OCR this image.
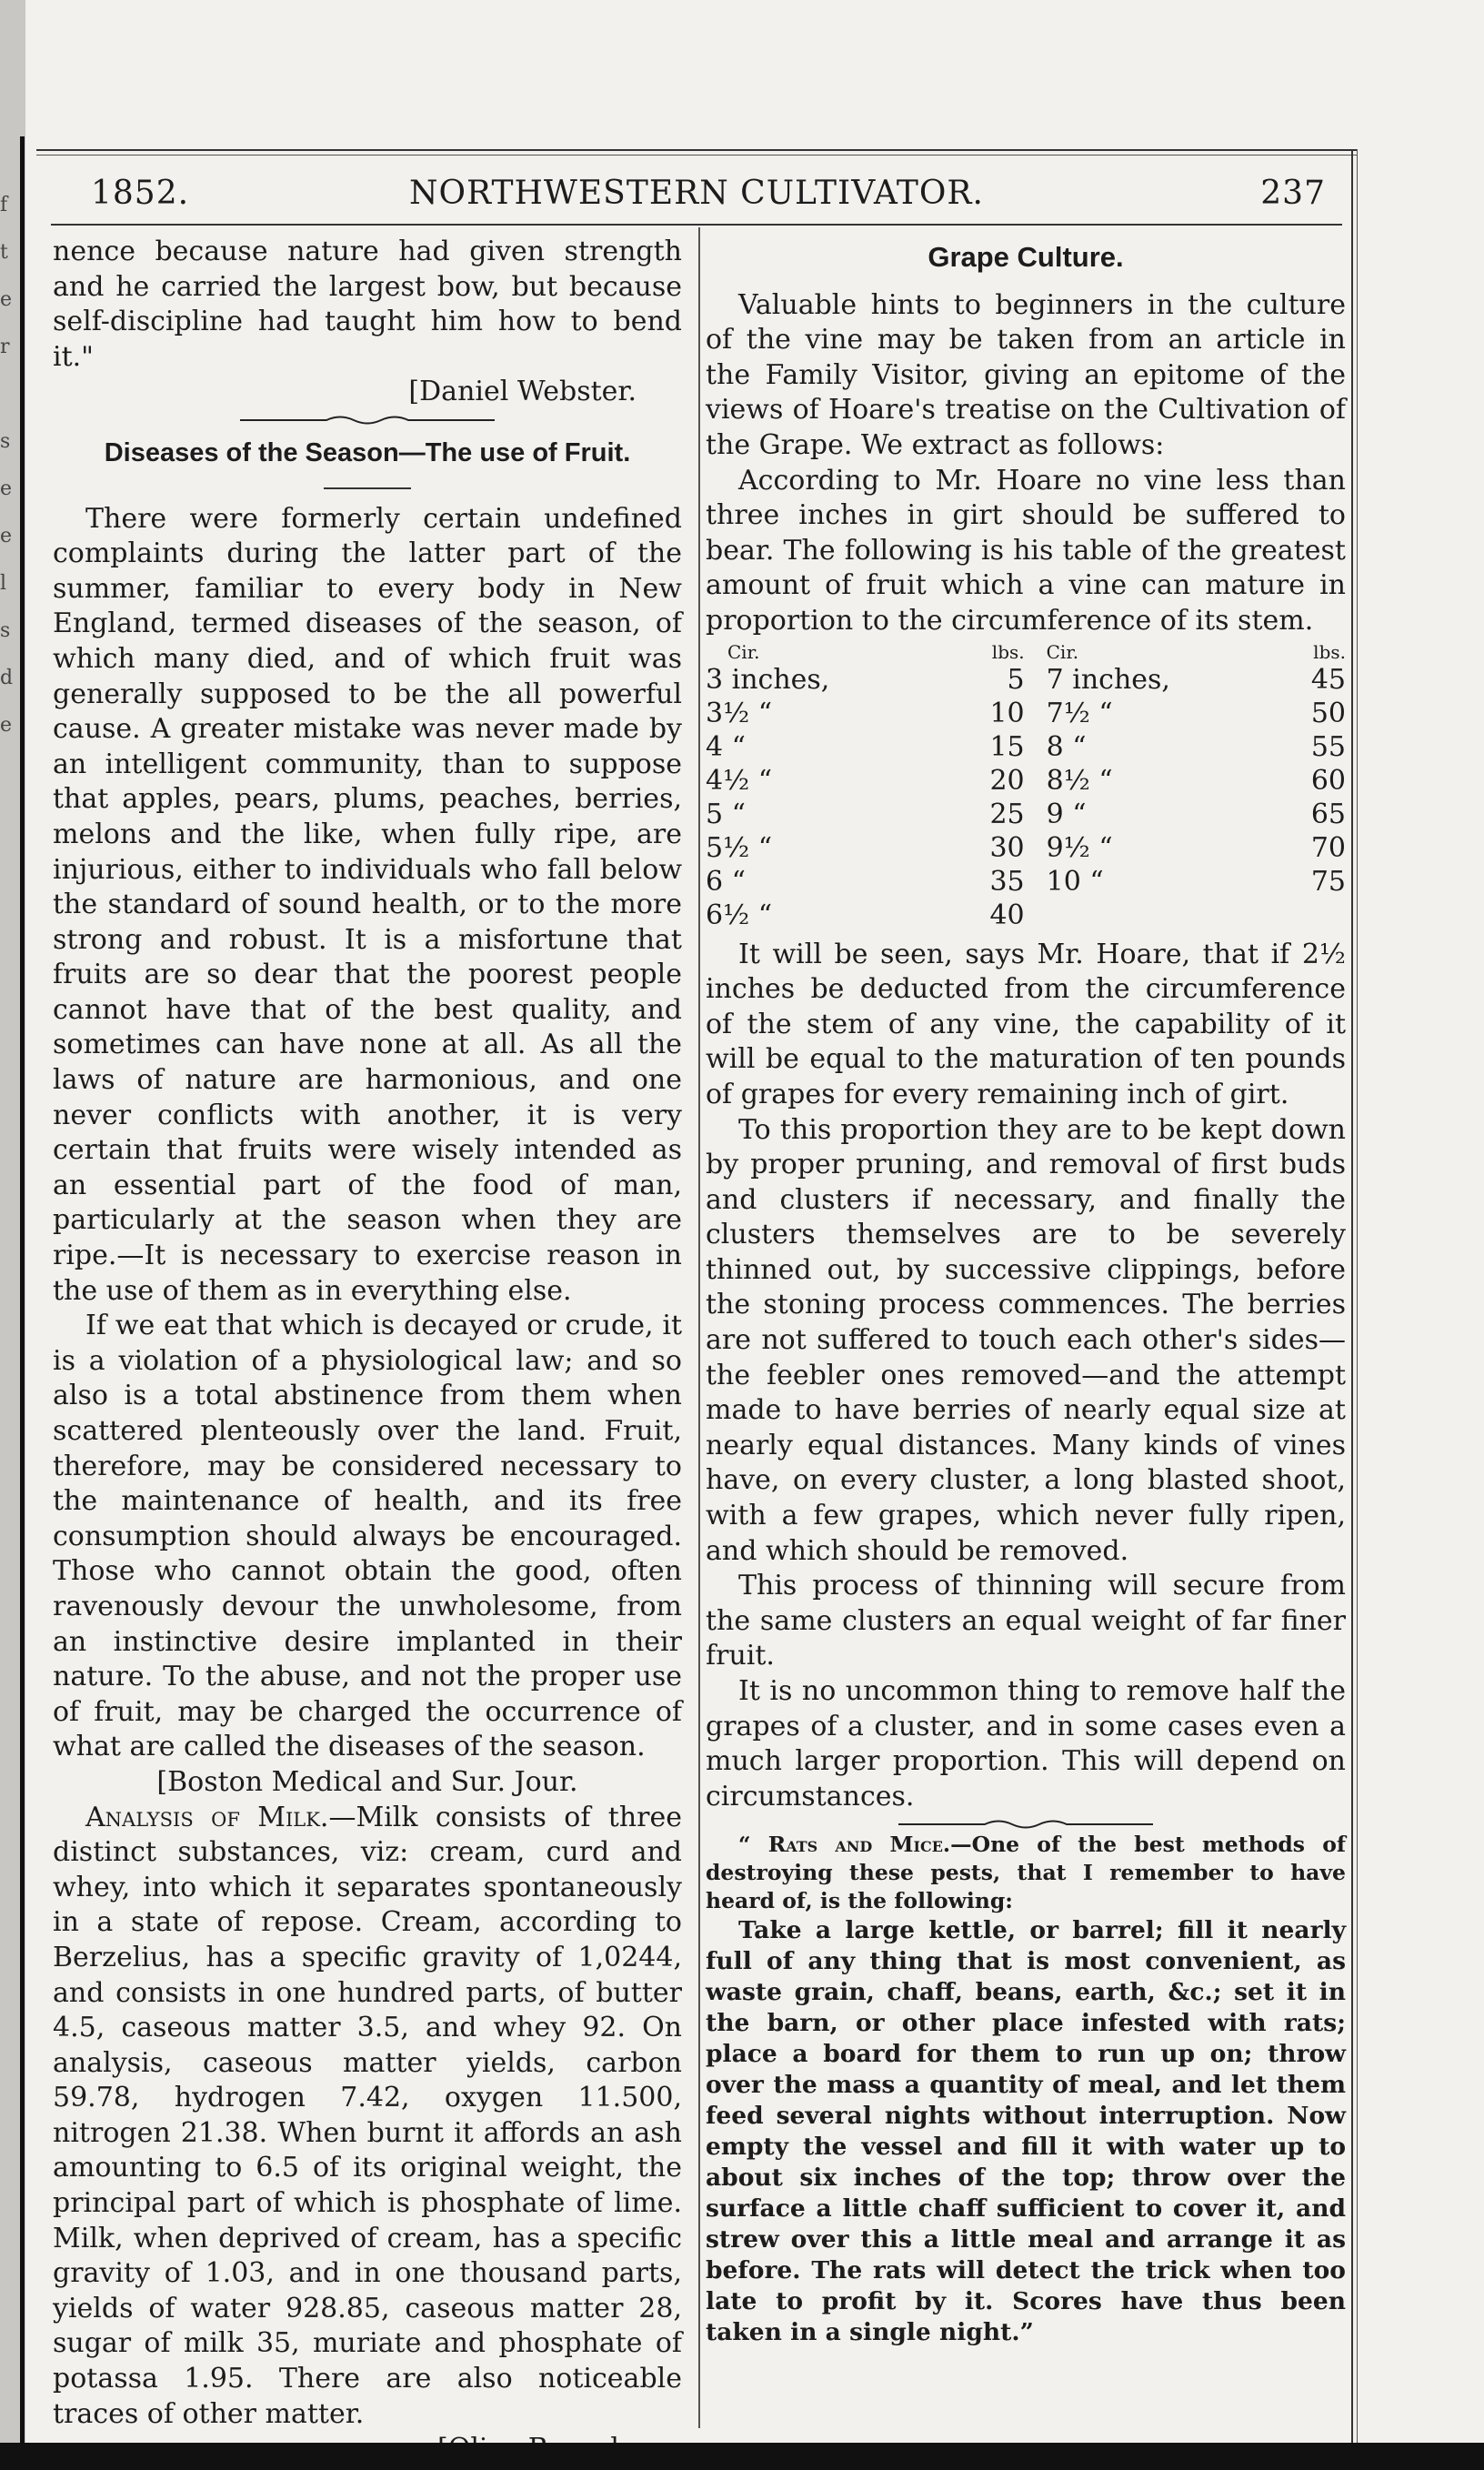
f
t
e
r

s
e
e
l
s
d
e
1852.	NORTHWESTERN CULTIVATOR.	237

nence because nature had given strength and he carried the largest bow, but because self-discipline had taught him how to bend it."

[Daniel Webster.

Diseases of the Season—The use of Fruit.

There were formerly certain undefined complaints during the latter part of the summer, familiar to every body in New England, termed diseases of the season, of which many died, and of which fruit was generally supposed to be the all powerful cause. A greater mistake was never made by an intelligent community, than to suppose that apples, pears, plums, peaches, berries, melons and the like, when fully ripe, are injurious, either to individuals who fall below the standard of sound health, or to the more strong and robust. It is a misfortune that fruits are so dear that the poorest people cannot have that of the best quality, and sometimes can have none at all. As all the laws of nature are harmonious, and one never conflicts with another, it is very certain that fruits were wisely intended as an essential part of the food of man, particularly at the season when they are ripe.—It is necessary to exercise reason in the use of them as in everything else.

If we eat that which is decayed or crude, it is a violation of a physiological law; and so also is a total abstinence from them when scattered plenteously over the land. Fruit, therefore, may be considered necessary to the maintenance of health, and its free consumption should always be encouraged. Those who cannot obtain the good, often ravenously devour the unwholesome, from an instinctive desire implanted in their nature. To the abuse, and not the proper use of fruit, may be charged the occurrence of what are called the diseases of the season.

[Boston Medical and Sur. Jour.

Analysis of Milk.—Milk consists of three distinct substances, viz: cream, curd and whey, into which it separates spontaneously in a state of repose. Cream, according to Berzelius, has a specific gravity of 1,0244, and consists in one hundred parts, of butter 4.5, caseous matter 3.5, and whey 92. On analysis, caseous matter yields, carbon 59.78, hydrogen 7.42, oxygen 11.500, nitrogen 21.38. When burnt it affords an ash amounting to 6.5 of its original weight, the principal part of which is phosphate of lime. Milk, when deprived of cream, has a specific gravity of 1.03, and in one thousand parts, yields of water 928.85, caseous matter 28, sugar of milk 35, muriate and phosphate of potassa 1.95. There are also noticeable traces of other matter.

Grape Culture.

Valuable hints to beginners in the culture of the vine may be taken from an article in the Family Visitor, giving an epitome of the views of Hoare's treatise on the Cultivation of the Grape. We extract as follows:

According to Mr. Hoare no vine less than three inches in girt should be suffered to bear. The following is his table of the greatest amount of fruit which a vine can mature in proportion to the circumference of its stem.

Cir.	lbs.	Cir.	lbs.
3 inches,	5	7 inches,	45
3½ “	10	7½ “	50
4 “	15	8 “	55
4½ “	20	8½ “	60
5 “	25	9 “	65
5½ “	30	9½ “	70
6 “	35	10 “	75
6½ “	40		

It will be seen, says Mr. Hoare, that if 2½ inches be deducted from the circumference of the stem of any vine, the capability of it will be equal to the maturation of ten pounds of grapes for every remaining inch of girt.

To this proportion they are to be kept down by proper pruning, and removal of first buds and clusters if necessary, and finally the clusters themselves are to be severely thinned out, by successive clippings, before the stoning process commences. The berries are not suffered to touch each other's sides—the feebler ones removed—and the attempt made to have berries of nearly equal size at nearly equal distances. Many kinds of vines have, on every cluster, a long blasted shoot, with a few grapes, which never fully ripen, and which should be removed.

This process of thinning will secure from the same clusters an equal weight of far finer fruit.

It is no uncommon thing to remove half the grapes of a cluster, and in some cases even a much larger proportion. This will depend on circumstances.

“ Rats and Mice.—One of the best methods of destroying these pests, that I remember to have heard of, is the following:

Take a large kettle, or barrel; fill it nearly full of any thing that is most convenient, as waste grain, chaff, beans, earth, &c.; set it in the barn, or other place infested with rats; place a board for them to run up on; throw over the mass a quantity of meal, and let them feed several nights without interruption. Now empty the vessel and fill it with water up to about six inches of the top; throw over the surface a little chaff sufficient to cover it, and strew over this a little meal and arrange it as before. The rats will detect the trick when too late to profit by it. Scores have thus been taken in a single night.”
